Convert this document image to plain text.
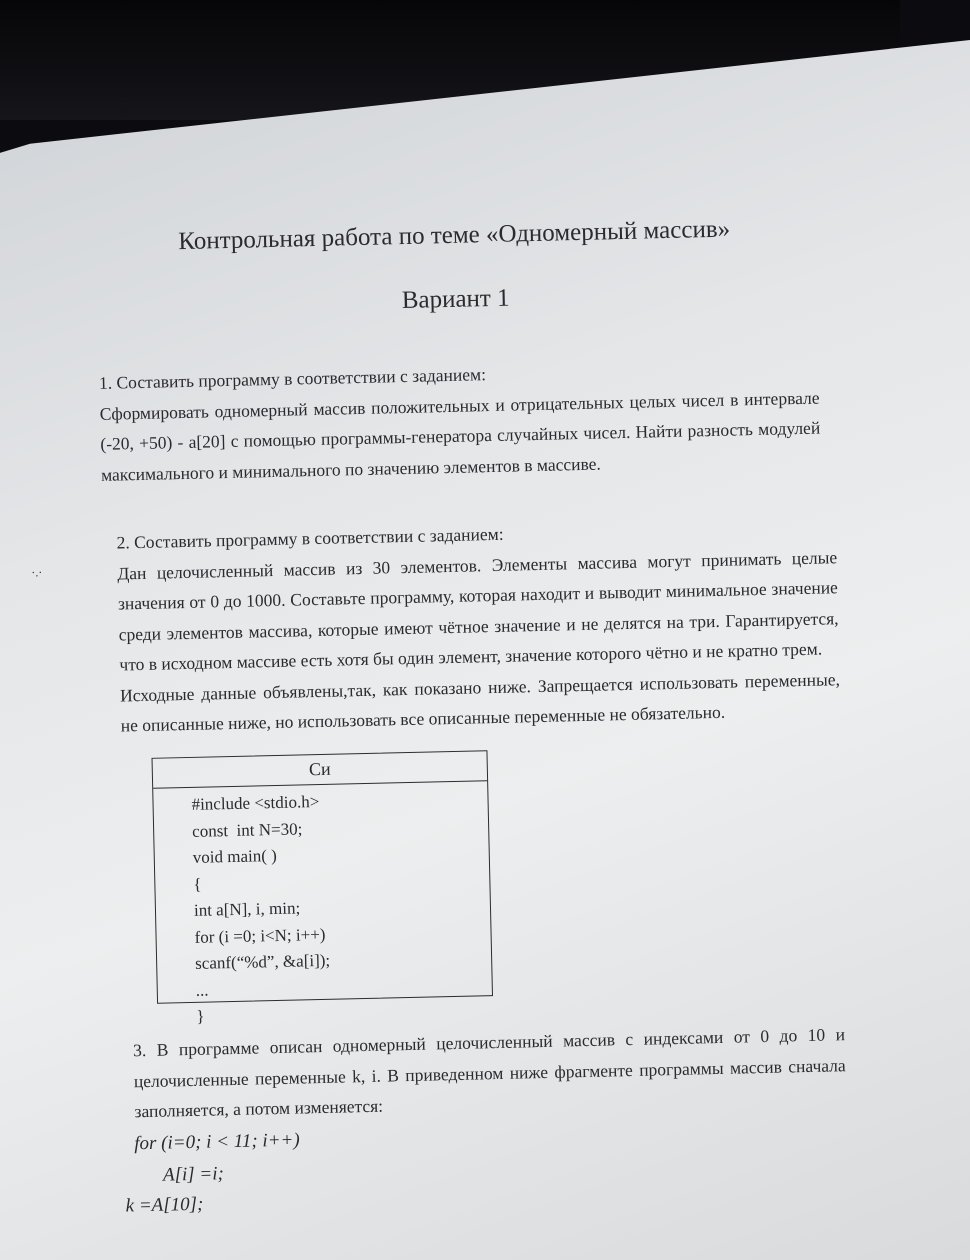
Контрольная работа по теме «Одномерный массив»
Вариант 1
1. Составить программу в соответствии с заданием:
Сформировать одномерный массив положительных и отрицательных целых чисел в интервале (-20, +50) - a[20] с помощью программы-генератора случайных чисел. Найти разность модулей максимального и минимального по значению элементов в массиве.
2. Составить программу в соответствии с заданием:
Дан целочисленный массив из 30 элементов. Элементы массива могут принимать целые значения от 0 до 1000. Составьте программу, которая находит и выводит минимальное значение среди элементов массива, которые имеют чётное значение и не делятся на три. Гарантируется, что в исходном массиве есть хотя бы один элемент, значение которого чётно и не кратно трем.
Исходные данные объявлены,так, как показано ниже. Запрещается использовать переменные, не описанные ниже, но использовать все описанные переменные не обязательно.
Си
#include <stdio.h>
const  int N=30;
void main( )
{
int a[N], i, min;
for (i =0; i<N; i++)
scanf(“%d”, &a[i]);
...
}
3. В программе описан одномерный целочисленный массив с индексами от 0 до 10 и целочисленные переменные k, i. В приведенном ниже фрагменте программы массив сначала заполняется, а потом изменяется:
for (i=0; i < 11; i++)
A[i] =i;
k =A[10];
·.·
